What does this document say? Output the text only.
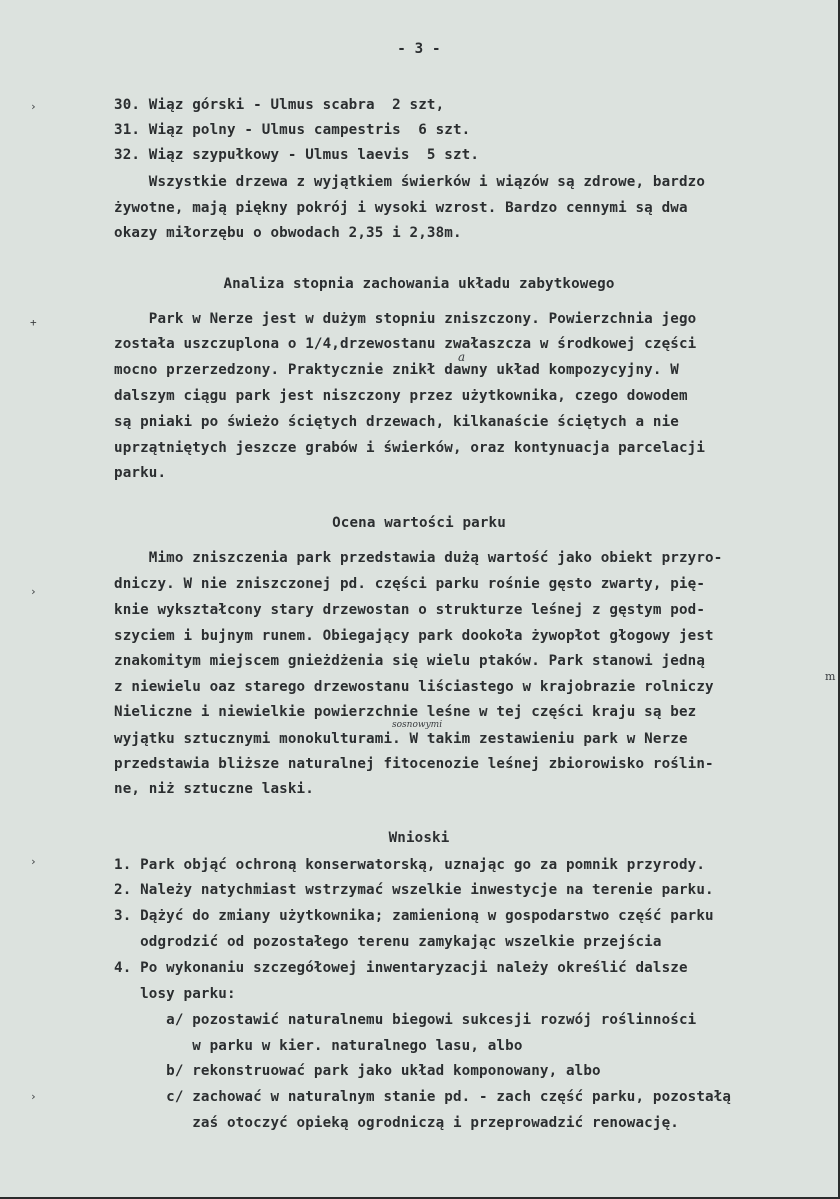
›
+
›
›
›

- 3 -

30. Wiąz górski - Ulmus scabra  2 szt,

31. Wiąz polny - Ulmus campestris  6 szt.

32. Wiąz szypułkowy - Ulmus laevis  5 szt.

Wszystkie drzewa z wyjątkiem świerków i wiązów są zdrowe, bardzo

żywotne, mają piękny pokrój i wysoki wzrost. Bardzo cennymi są dwa

okazy miłorzębu o obwodach 2,35 i 2,38m.

Analiza stopnia zachowania układu zabytkowego

Park w Nerze jest w dużym stopniu zniszczony. Powierzchnia jego

została uszczuplona o 1/4,drzewostanu zwałaszcza w środkowej części

a

mocno przerzedzony. Praktycznie znikł dawny układ kompozycyjny. W

dalszym ciągu park jest niszczony przez użytkownika, czego dowodem

są pniaki po świeżo ściętych drzewach, kilkanaście ściętych a nie

uprzątniętych jeszcze grabów i świerków, oraz kontynuacja parcelacji

parku.

Ocena wartości parku

Mimo zniszczenia park przedstawia dużą wartość jako obiekt przyro-

dniczy. W nie zniszczonej pd. części parku rośnie gęsto zwarty, pię-

knie wykształcony stary drzewostan o strukturze leśnej z gęstym pod-

szyciem i bujnym runem. Obiegający park dookoła żywopłot głogowy jest

znakomitym miejscem gnieżdżenia się wielu ptaków. Park stanowi jedną

m

z niewielu oaz starego drzewostanu liściastego w krajobrazie rolniczy

Nieliczne i niewielkie powierzchnie leśne w tej części kraju są bez

sosnowymi

wyjątku sztucznymi monokulturami. W takim zestawieniu park w Nerze

przedstawia bliższe naturalnej fitocenozie leśnej zbiorowisko roślin-

ne, niż sztuczne laski.

Wnioski

1. Park objąć ochroną konserwatorską, uznając go za pomnik przyrody.

2. Należy natychmiast wstrzymać wszelkie inwestycje na terenie parku.

3. Dążyć do zmiany użytkownika; zamienioną w gospodarstwo część parku

odgrodzić od pozostałego terenu zamykając wszelkie przejścia

4. Po wykonaniu szczegółowej inwentaryzacji należy określić dalsze

losy parku:

a/ pozostawić naturalnemu biegowi sukcesji rozwój roślinności

w parku w kier. naturalnego lasu, albo

b/ rekonstruować park jako układ komponowany, albo

c/ zachować w naturalnym stanie pd. - zach część parku, pozostałą

zaś otoczyć opieką ogrodniczą i przeprowadzić renowację.
